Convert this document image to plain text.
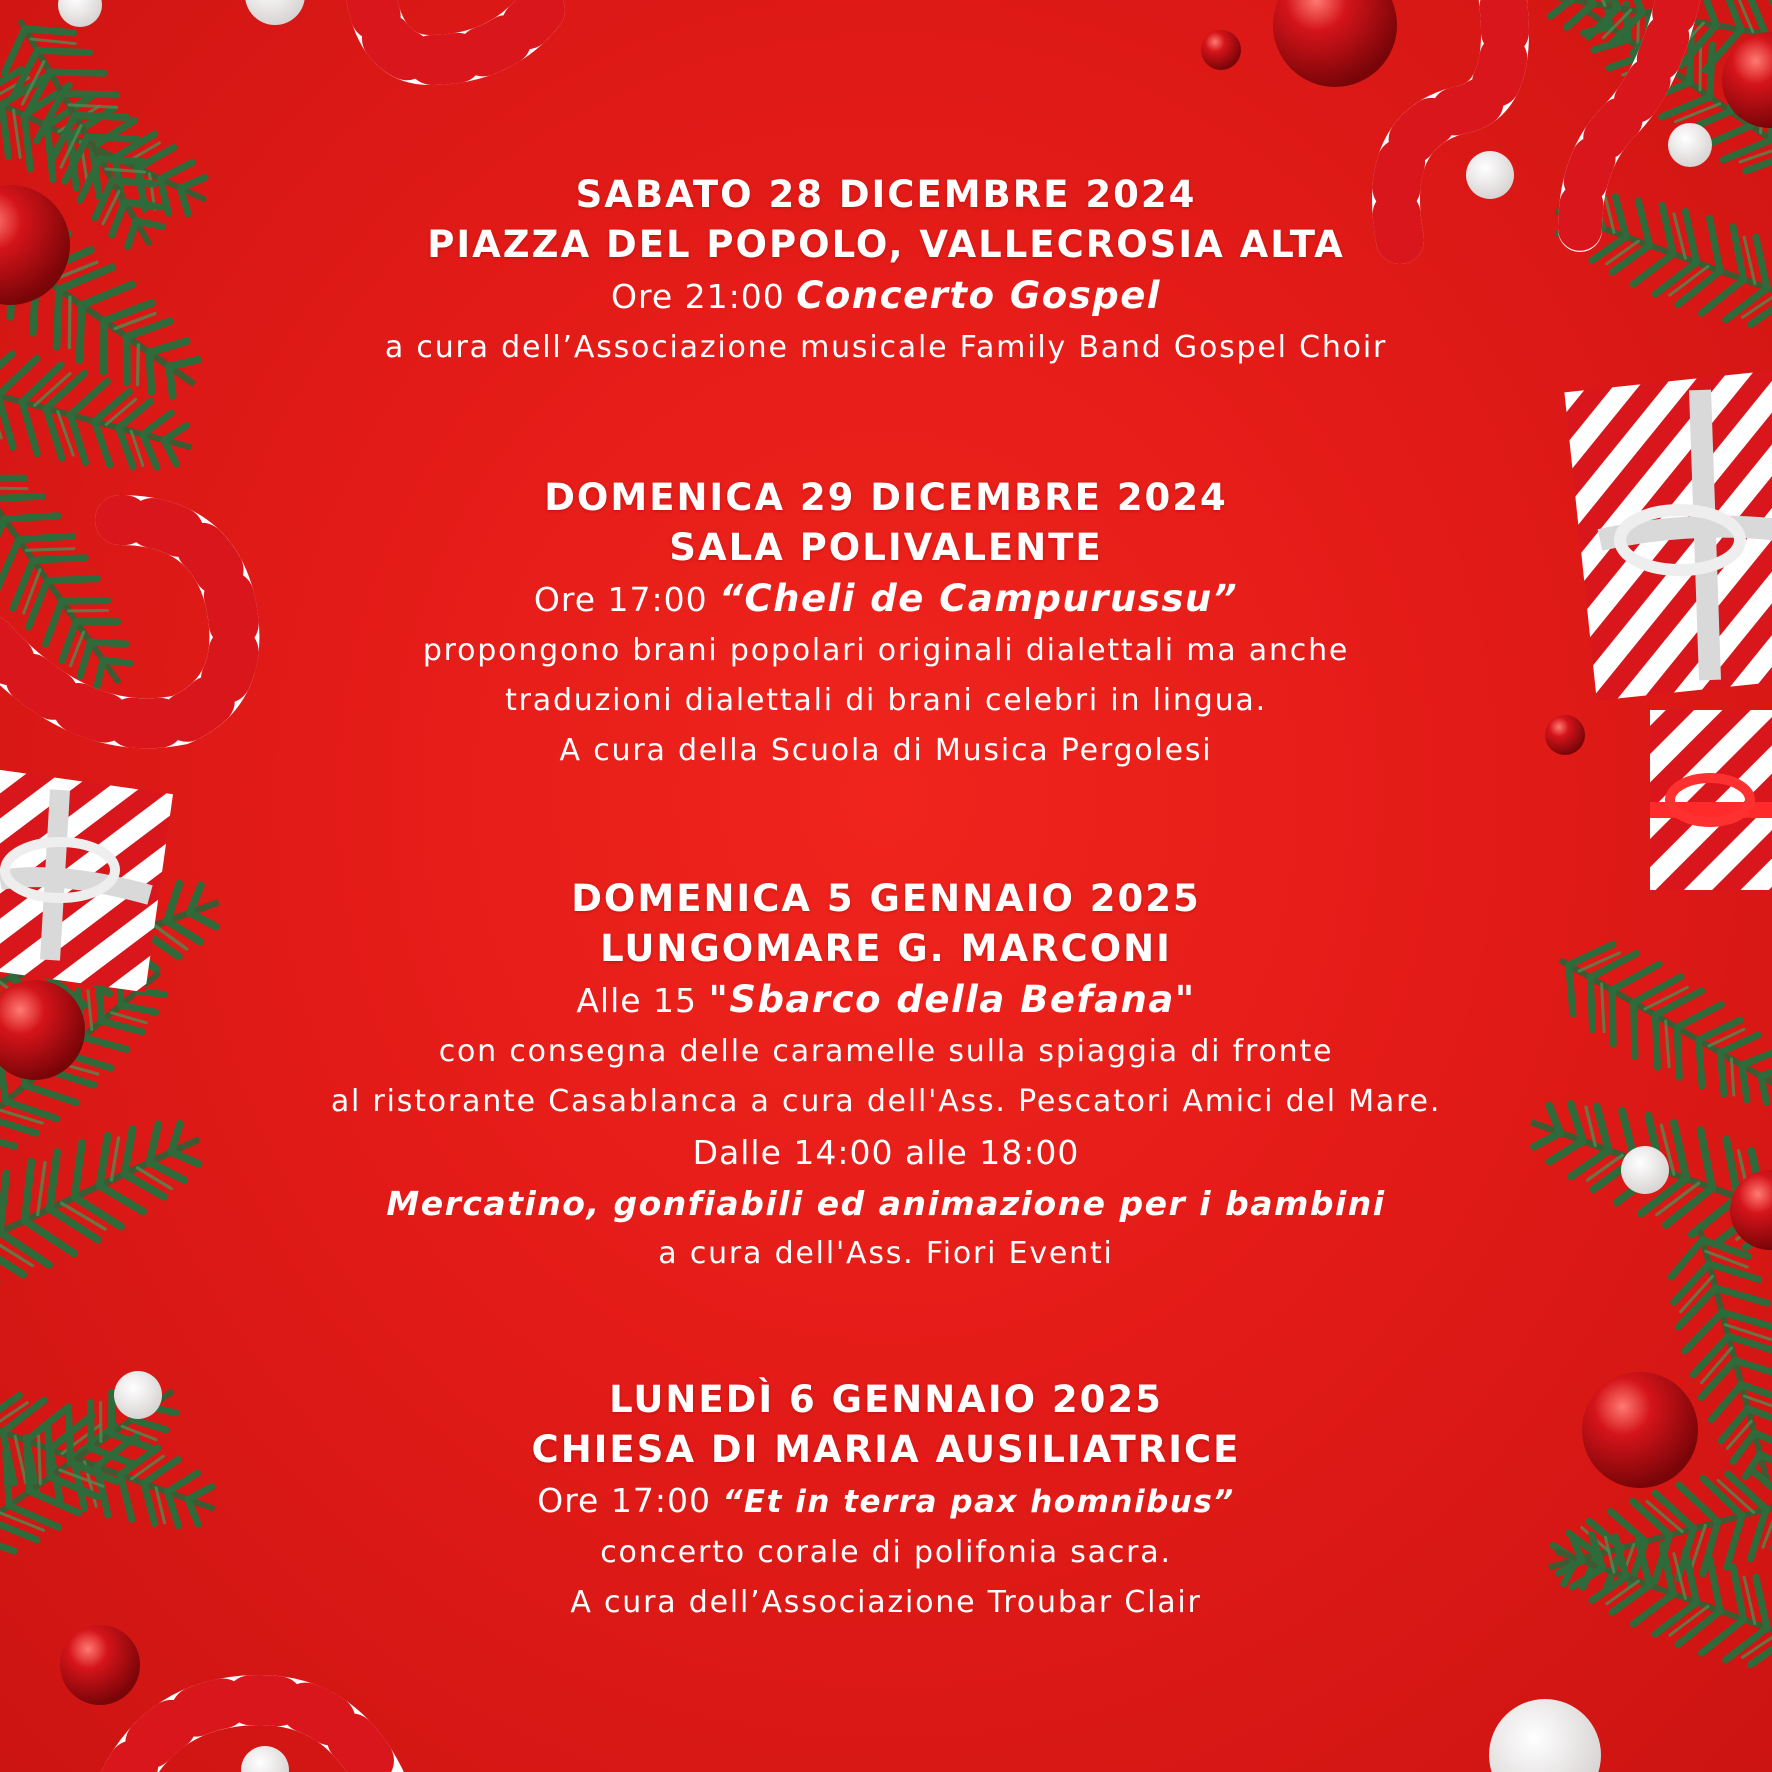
SABATO 28 DICEMBRE 2024
PIAZZA DEL POPOLO, VALLECROSIA ALTA
Ore 21:00 Concerto Gospel
a cura dell’Associazione musicale Family Band Gospel Choir
DOMENICA 29 DICEMBRE 2024
SALA POLIVALENTE
Ore 17:00 “Cheli de Campurussu”
propongono brani popolari originali dialettali ma anche
traduzioni dialettali di brani celebri in lingua.
A cura della Scuola di Musica Pergolesi
DOMENICA 5 GENNAIO 2025
LUNGOMARE G. MARCONI
Alle 15 "Sbarco della Befana"
con consegna delle caramelle sulla spiaggia di fronte
al ristorante Casablanca a cura dell'Ass. Pescatori Amici del Mare.
Dalle 14:00 alle 18:00
Mercatino, gonfiabili ed animazione per i bambini
a cura dell'Ass. Fiori Eventi
LUNEDÌ 6 GENNAIO 2025
CHIESA DI MARIA AUSILIATRICE
Ore 17:00 “Et in terra pax homnibus”
concerto corale di polifonia sacra.
A cura dell’Associazione Troubar Clair
